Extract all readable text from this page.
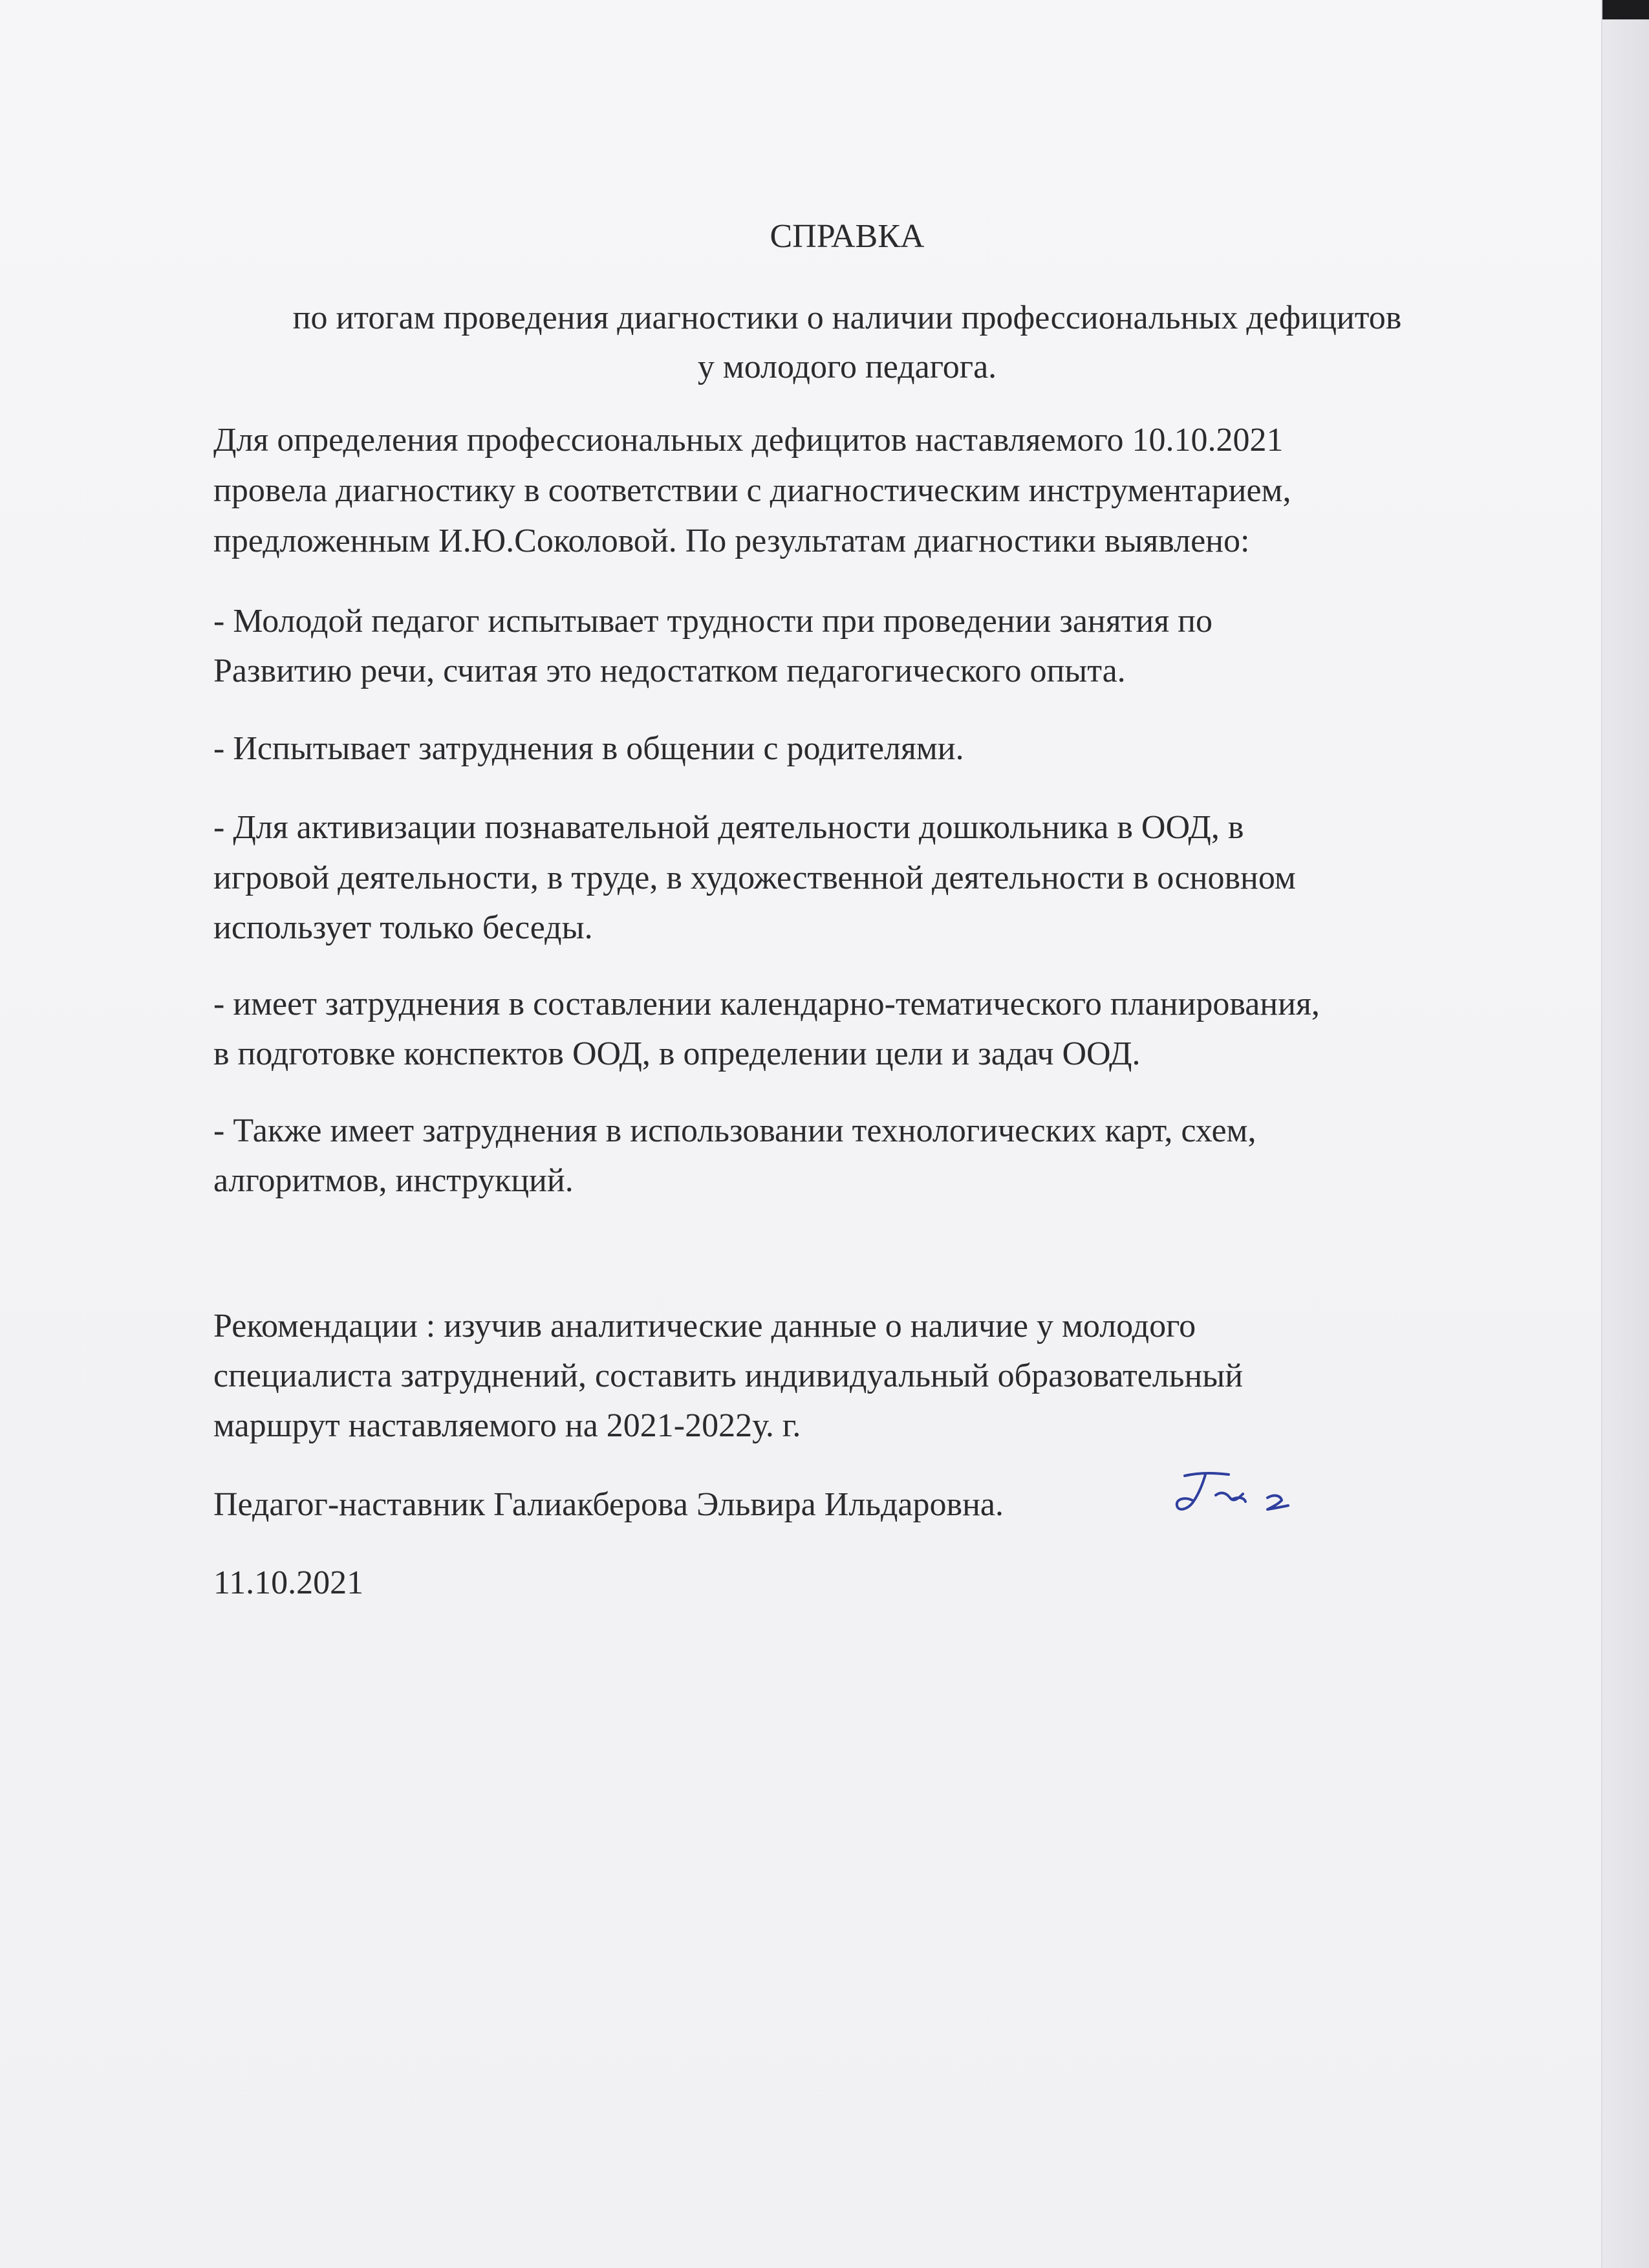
СПРАВКА

по итогам проведения диагностики о наличии профессиональных дефицитов

у молодого педагога.

Для определения профессиональных дефицитов наставляемого 10.10.2021

провела диагностику в соответствии с диагностическим инструментарием,

предложенным И.Ю.Соколовой. По результатам диагностики выявлено:

- Молодой педагог испытывает трудности при проведении занятия по

Развитию речи, считая это недостатком педагогического опыта.

- Испытывает затруднения в общении с родителями.

- Для активизации познавательной деятельности дошкольника в ООД, в

игровой деятельности, в труде, в художественной деятельности в основном

использует только беседы.

- имеет затруднения в составлении календарно-тематического планирования,

в подготовке конспектов ООД, в определении цели и задач ООД.

- Также имеет затруднения в использовании технологических карт, схем,

алгоритмов, инструкций.

Рекомендации : изучив аналитические данные о наличие у молодого

специалиста затруднений, составить индивидуальный образовательный

маршрут наставляемого на 2021-2022у. г.

Педагог-наставник Галиакберова Эльвира Ильдаровна.

11.10.2021
